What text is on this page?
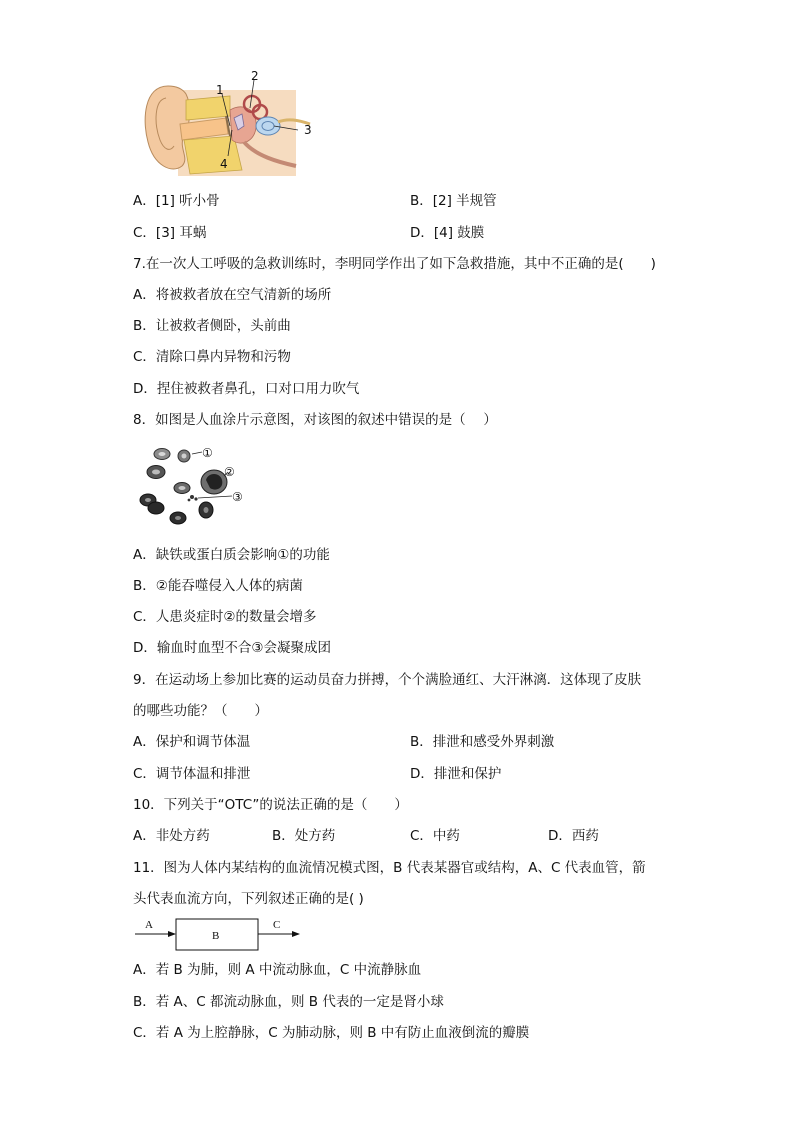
1
2
3
4
A．[1] 听小骨	B．[2] 半规管
C．[3] 耳蜗	D．[4] 鼓膜
7.在一次人工呼吸的急救训练时，李明同学作出了如下急救措施，其中不正确的是(　　)
A．将被救者放在空气清新的场所
B．让被救者侧卧，头前曲
C．清除口鼻内异物和污物
D．捏住被救者鼻孔，口对口用力吹气
8．如图是人血涂片示意图，对该图的叙述中错误的是（　 ）
①
②
③
A．缺铁或蛋白质会影响①的功能
B．②能吞噬侵入人体的病菌
C．人患炎症时②的数量会增多
D．输血时血型不合③会凝聚成团
9．在运动场上参加比赛的运动员奋力拼搏，个个满脸通红、大汗淋漓．这体现了皮肤
的哪些功能？（　　）
A．保护和调节体温	B．排泄和感受外界刺激
C．调节体温和排泄	D．排泄和保护
10．下列关于“OTC”的说法正确的是（　　）
A．非处方药	B．处方药	C．中药	D．西药
11．图为人体内某结构的血流情况模式图，B 代表某器官或结构，A、C 代表血管，箭
头代表血流方向，下列叙述正确的是( )
A
B
C
A．若 B 为肺，则 A 中流动脉血，C 中流静脉血
B．若 A、C 都流动脉血，则 B 代表的一定是肾小球
C．若 A 为上腔静脉，C 为肺动脉，则 B 中有防止血液倒流的瓣膜
